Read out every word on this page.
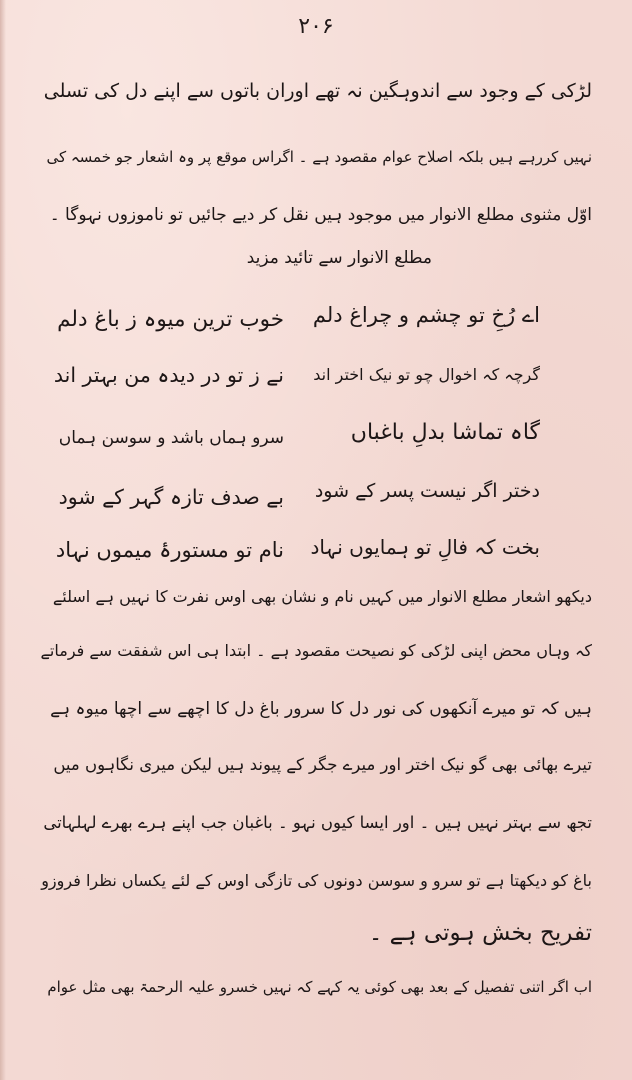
۲۰۶
لڑکی کے وجود سے اندوہگین نہ تھے اوران باتوں سے اپنے دل کی تسلی
نہیں کررہے ہیں بلکہ اصلاح عوام مقصود ہے ۔ اگراس موقع پر وہ اشعار جو خمسہ کی
اوّل مثنوی مطلع الانوار میں موجود ہیں نقل کر دیے جائیں تو ناموزوں نہوگا ۔
مطلع الانوار سے تائید مزید
اے رُخِ تو چشم و چراغ دلم
خوب ترین میوہ ز باغ دلم
گرچہ کہ اخوال چو تو نیک اختر اند
نے ز تو در دیدہ من بہتر اند
گاہ تماشا بدلِ باغباں
سرو ہماں باشد و سوسن ہماں
دختر اگر نیست پسر کے شود
بے صدف تازہ گہر کے شود
بخت کہ فالِ تو ہمایوں نہاد
نام تو مستورۂ میموں نہاد
دیکھو اشعار مطلع الانوار میں کہیں نام و نشان بھی اوس نفرت کا نہیں ہے اسلئے
کہ وہاں محض اپنی لڑکی کو نصیحت مقصود ہے ۔ ابتدا ہی اس شفقت سے فرماتے
ہیں کہ تو میرے آنکھوں کی نور دل کا سرور باغ دل کا اچھے سے اچھا میوہ ہے
تیرے بھائی بھی گو نیک اختر اور میرے جگر کے پیوند ہیں لیکن میری نگاہوں میں
تجھ سے بہتر نہیں ہیں ۔ اور ایسا کیوں نہو ۔ باغبان جب اپنے ہرے بھرے لہلہاتی
باغ کو دیکھتا ہے تو سرو و سوسن دونوں کی تازگی اوس کے لئے یکساں نظرا فروزو
تفریح بخش ہوتی ہے ۔
اب اگر اتنی تفصیل کے بعد بھی کوئی یہ کہے کہ نہیں خسرو علیہ الرحمۃ بھی مثل عوام
